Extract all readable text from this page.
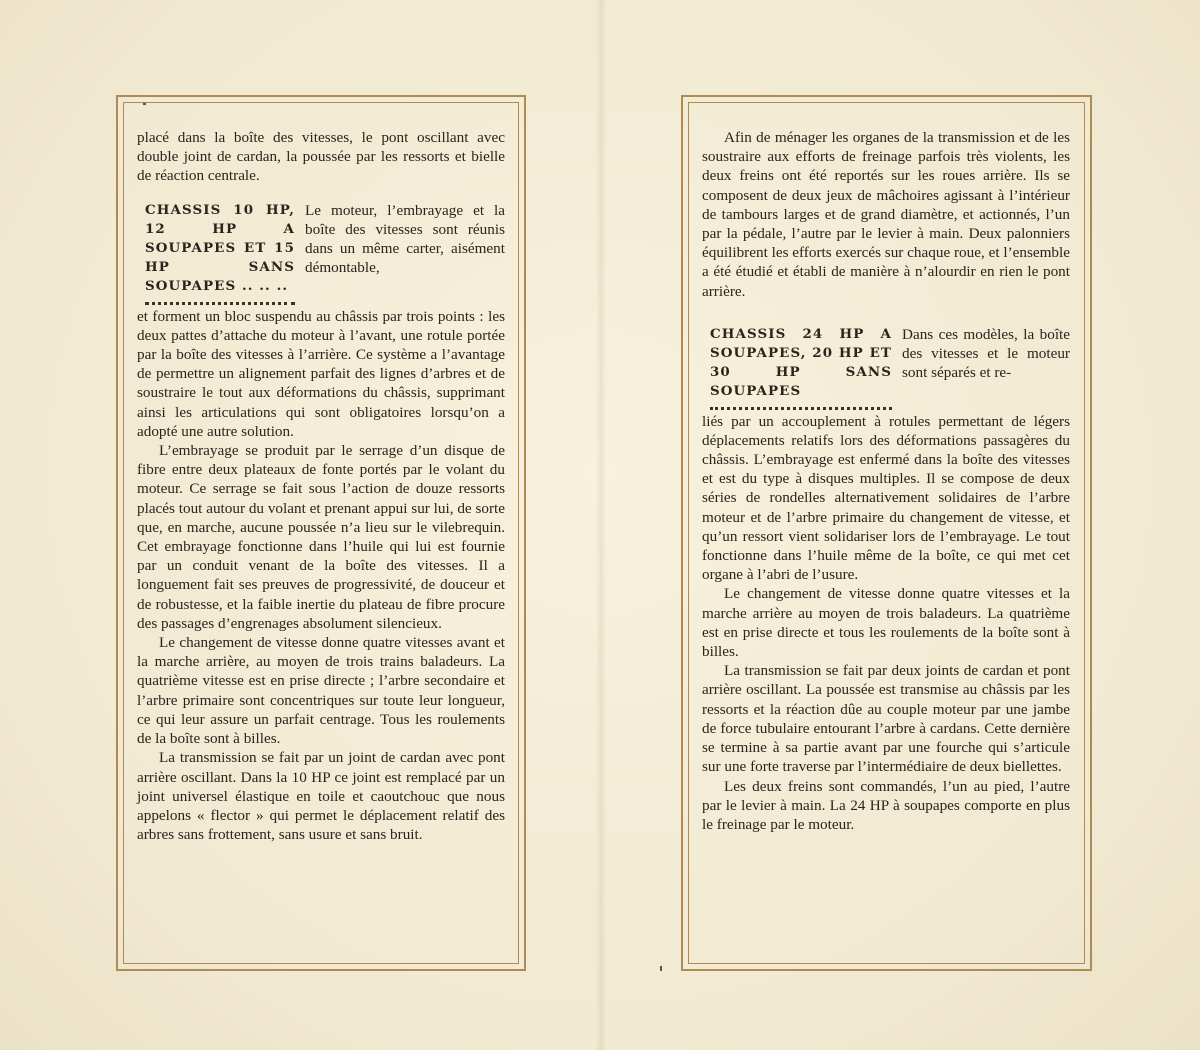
placé dans la boîte des vitesses, le pont oscillant avec double joint de cardan, la poussée par les ressorts et bielle de réaction centrale.

CHASSIS 10 HP, 12 HP A SOUPAPES ET 15 HP SANS SOUPAPES .. .. ..

Le moteur, l’embrayage et la boîte des vitesses sont réunis dans un même carter, aisément démontable,

et forment un bloc suspendu au châssis par trois points : les deux pattes d’attache du moteur à l’avant, une rotule portée par la boîte des vitesses à l’arrière. Ce système a l’avantage de permettre un alignement parfait des lignes d’arbres et de soustraire le tout aux déformations du châssis, supprimant ainsi les articulations qui sont obligatoires lorsqu’on a adopté une autre solution.

L’embrayage se produit par le serrage d’un disque de fibre entre deux plateaux de fonte portés par le volant du moteur. Ce serrage se fait sous l’action de douze ressorts placés tout autour du volant et prenant appui sur lui, de sorte que, en marche, aucune poussée n’a lieu sur le vilebrequin. Cet embrayage fonctionne dans l’huile qui lui est fournie par un conduit venant de la boîte des vitesses. Il a longuement fait ses preuves de progressivité, de douceur et de robustesse, et la faible inertie du plateau de fibre procure des passages d’engrenages absolument silencieux.

Le changement de vitesse donne quatre vitesses avant et la marche arrière, au moyen de trois trains baladeurs. La quatrième vitesse est en prise directe ; l’arbre secondaire et l’arbre primaire sont concentriques sur toute leur longueur, ce qui leur assure un parfait centrage. Tous les roulements de la boîte sont à billes.

La transmission se fait par un joint de cardan avec pont arrière oscillant. Dans la 10 HP ce joint est remplacé par un joint universel élastique en toile et caoutchouc que nous appelons « flector » qui permet le déplacement relatif des arbres sans frottement, sans usure et sans bruit.

Afin de ménager les organes de la transmission et de les soustraire aux efforts de freinage parfois très violents, les deux freins ont été reportés sur les roues arrière. Ils se composent de deux jeux de mâchoires agissant à l’intérieur de tambours larges et de grand diamètre, et actionnés, l’un par la pédale, l’autre par le levier à main. Deux palonniers équilibrent les efforts exercés sur chaque roue, et l’ensemble a été étudié et établi de manière à n’alourdir en rien le pont arrière.

CHASSIS 24 HP A SOUPAPES, 20 HP ET 30 HP SANS SOUPAPES

Dans ces modèles, la boîte des vitesses et le moteur sont séparés et re-

liés par un accouplement à rotules permettant de légers déplacements relatifs lors des déformations passagères du châssis. L’embrayage est enfermé dans la boîte des vitesses et est du type à disques multiples. Il se compose de deux séries de rondelles alternativement solidaires de l’arbre moteur et de l’arbre primaire du changement de vitesse, et qu’un ressort vient solidariser lors de l’embrayage. Le tout fonctionne dans l’huile même de la boîte, ce qui met cet organe à l’abri de l’usure.

Le changement de vitesse donne quatre vitesses et la marche arrière au moyen de trois baladeurs. La quatrième est en prise directe et tous les roulements de la boîte sont à billes.

La transmission se fait par deux joints de cardan et pont arrière oscillant. La poussée est transmise au châssis par les ressorts et la réaction dûe au couple moteur par une jambe de force tubulaire entourant l’arbre à cardans. Cette dernière se termine à sa partie avant par une fourche qui s’articule sur une forte traverse par l’intermédiaire de deux biellettes.

Les deux freins sont commandés, l’un au pied, l’autre par le levier à main. La 24 HP à soupapes comporte en plus le freinage par le moteur.
